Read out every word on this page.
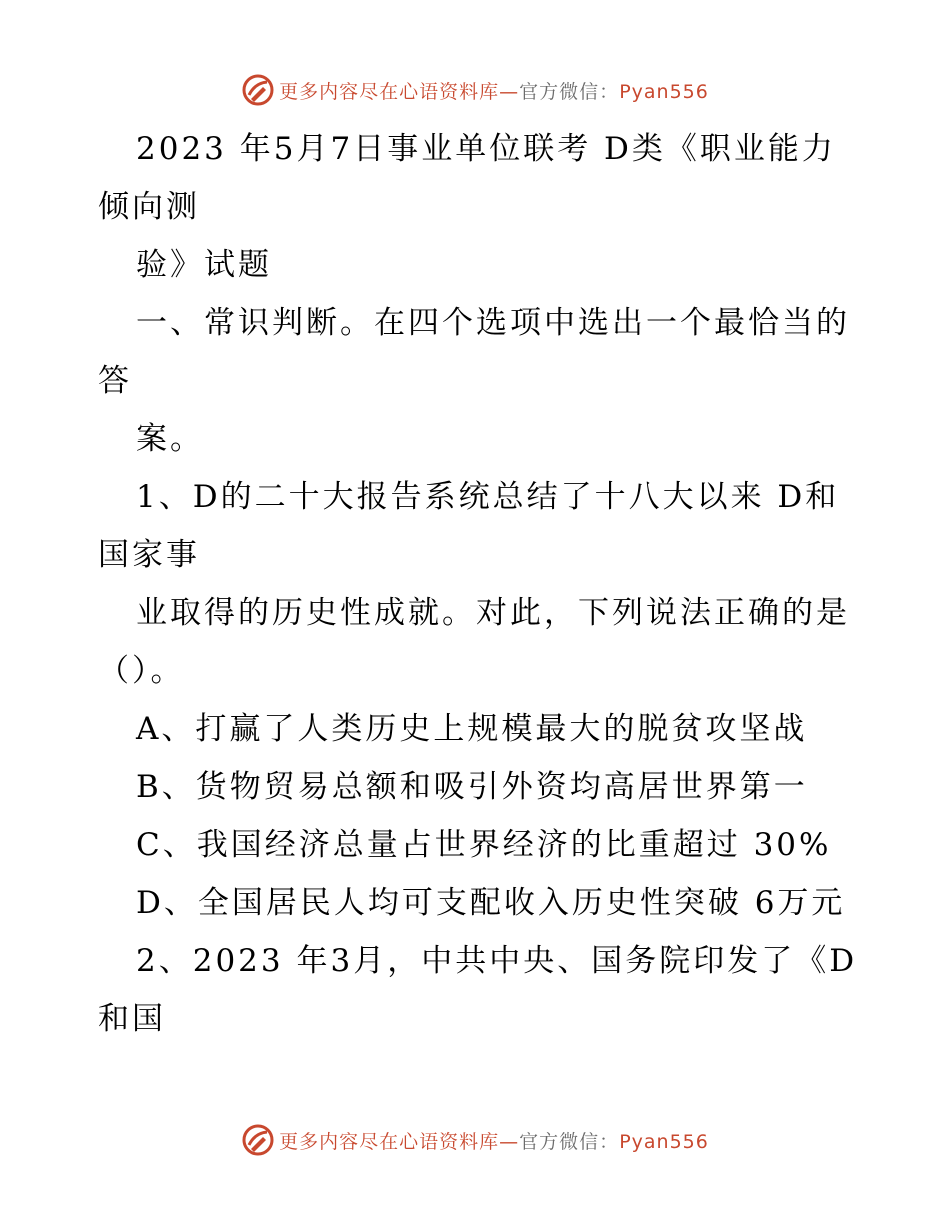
更多内容尽在心语资料库—官方微信：Pyan556
2023 年5月7日事业单位联考 D类《职业能力
倾向测
验》试题
一、常识判断。在四个选项中选出一个最恰当的
答
案。
1、D的二十大报告系统总结了十八大以来 D和
国家事
业取得的历史性成就。对此，下列说法正确的是
（）。
A、打赢了人类历史上规模最大的脱贫攻坚战
B、货物贸易总额和吸引外资均高居世界第一
C、我国经济总量占世界经济的比重超过 30%
D、全国居民人均可支配收入历史性突破 6万元
2、2023 年3月，中共中央、国务院印发了《D
和国
更多内容尽在心语资料库—官方微信：Pyan556
